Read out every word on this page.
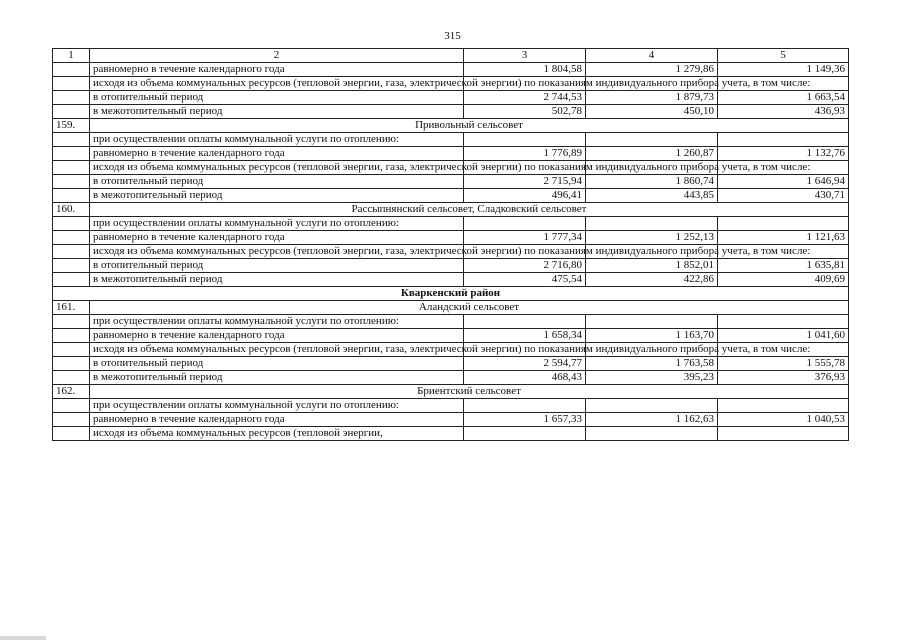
315
1	2	3	4	5
	равномерно в течение календарного года	1 804,58	1 279,86	1 149,36
	исходя из объема коммунальных ресурсов (тепловой энергии, газа, электрической энергии) по показаниям индивидуального прибора учета, в том числе:			
	в отопительный период	2 744,53	1 879,73	1 663,54
	в межотопительный период	502,78	450,10	436,93
159.	Привольный сельсовет			
	при осуществлении оплаты коммунальной услуги по отоплению:			
	равномерно в течение календарного года	1 776,89	1 260,87	1 132,76
	исходя из объема коммунальных ресурсов (тепловой энергии, газа, электрической энергии) по показаниям индивидуального прибора учета, в том числе:			
	в отопительный период	2 715,94	1 860,74	1 646,94
	в межотопительный период	496,41	443,85	430,71
160.	Рассыпнянский сельсовет, Сладковский сельсовет			
	при осуществлении оплаты коммунальной услуги по отоплению:			
	равномерно в течение календарного года	1 777,34	1 252,13	1 121,63
	исходя из объема коммунальных ресурсов (тепловой энергии, газа, электрической энергии) по показаниям индивидуального прибора учета, в том числе:			
	в отопительный период	2 716,80	1 852,01	1 635,81
	в межотопительный период	475,54	422,86	409,69
Кваркенский район				
161.	Аландский сельсовет			
	при осуществлении оплаты коммунальной услуги по отоплению:			
	равномерно в течение календарного года	1 658,34	1 163,70	1 041,60
	исходя из объема коммунальных ресурсов (тепловой энергии, газа, электрической энергии) по показаниям индивидуального прибора учета, в том числе:			
	в отопительный период	2 594,77	1 763,58	1 555,78
	в межотопительный период	468,43	395,23	376,93
162.	Бриентский сельсовет			
	при осуществлении оплаты коммунальной услуги по отоплению:			
	равномерно в течение календарного года	1 657,33	1 162,63	1 040,53
	исходя из объема коммунальных ресурсов (тепловой энергии,			
